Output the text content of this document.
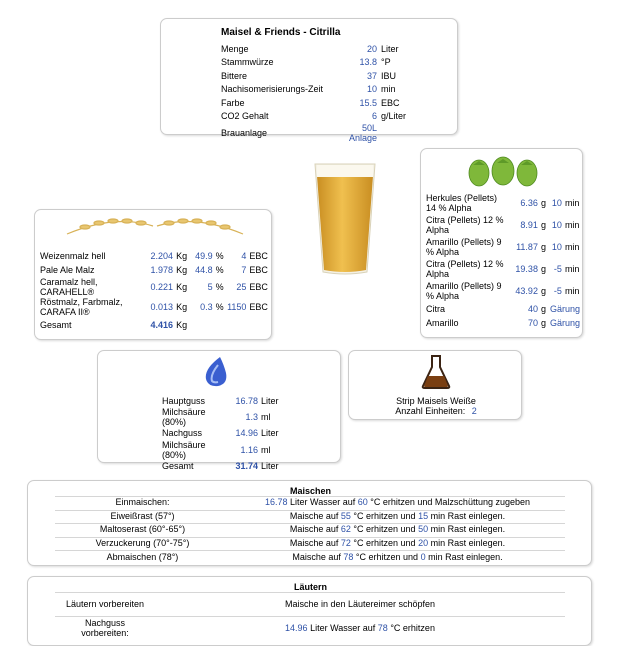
Maisel & Friends - Citrilla
Menge	20	Liter
Stammwürze	13.8	°P
Bittere	37	IBU
Nachisomerisierungs-Zeit	10	min
Farbe	15.5	EBC
CO2 Gehalt	6	g/Liter
Brauanlage	50L Anlage	
Weizenmalz hell	2.204	Kg	49.9	%	4	EBC
Pale Ale Malz	1.978	Kg	44.8	%	7	EBC
Caramalz hell, CARAHELL®	0.221	Kg	5	%	25	EBC
Röstmalz, Farbmalz, CARAFA II®	0.013	Kg	0.3	%	1150	EBC
Gesamt	4.416	Kg				
Herkules (Pellets) 14 % Alpha	6.36	g	10	min
Citra (Pellets) 12 % Alpha	8.91	g	10	min
Amarillo (Pellets) 9 % Alpha	11.87	g	10	min
Citra (Pellets) 12 % Alpha	19.38	g	-5	min
Amarillo (Pellets) 9 % Alpha	43.92	g	-5	min
Citra	40	g	Gärung	
Amarillo	70	g	Gärung	
Hauptguss	16.78	Liter
Milchsäure (80%)	1.3	ml
Nachguss	14.96	Liter
Milchsäure (80%)	1.16	ml
Gesamt	31.74	Liter
Strip Maisels Weiße
Anzahl Einheiten: 2
Maischen
Einmaischen:	16.78 Liter Wasser auf 60 °C erhitzen und Malzschüttung zugeben
Eiweißrast (57°)	Maische auf 55 °C erhitzen und 15 min Rast einlegen.
Maltoserast (60°-65°)	Maische auf 62 °C erhitzen und 50 min Rast einlegen.
Verzuckerung (70°-75°)	Maische auf 72 °C erhitzen und 20 min Rast einlegen.
Abmaischen (78°)	Maische auf 78 °C erhitzen und 0 min Rast einlegen.
Läutern
Läutern vorbereiten	Maische in den Läutereimer schöpfen
Nachguss vorbereiten:	14.96 Liter Wasser auf 78 °C erhitzen
